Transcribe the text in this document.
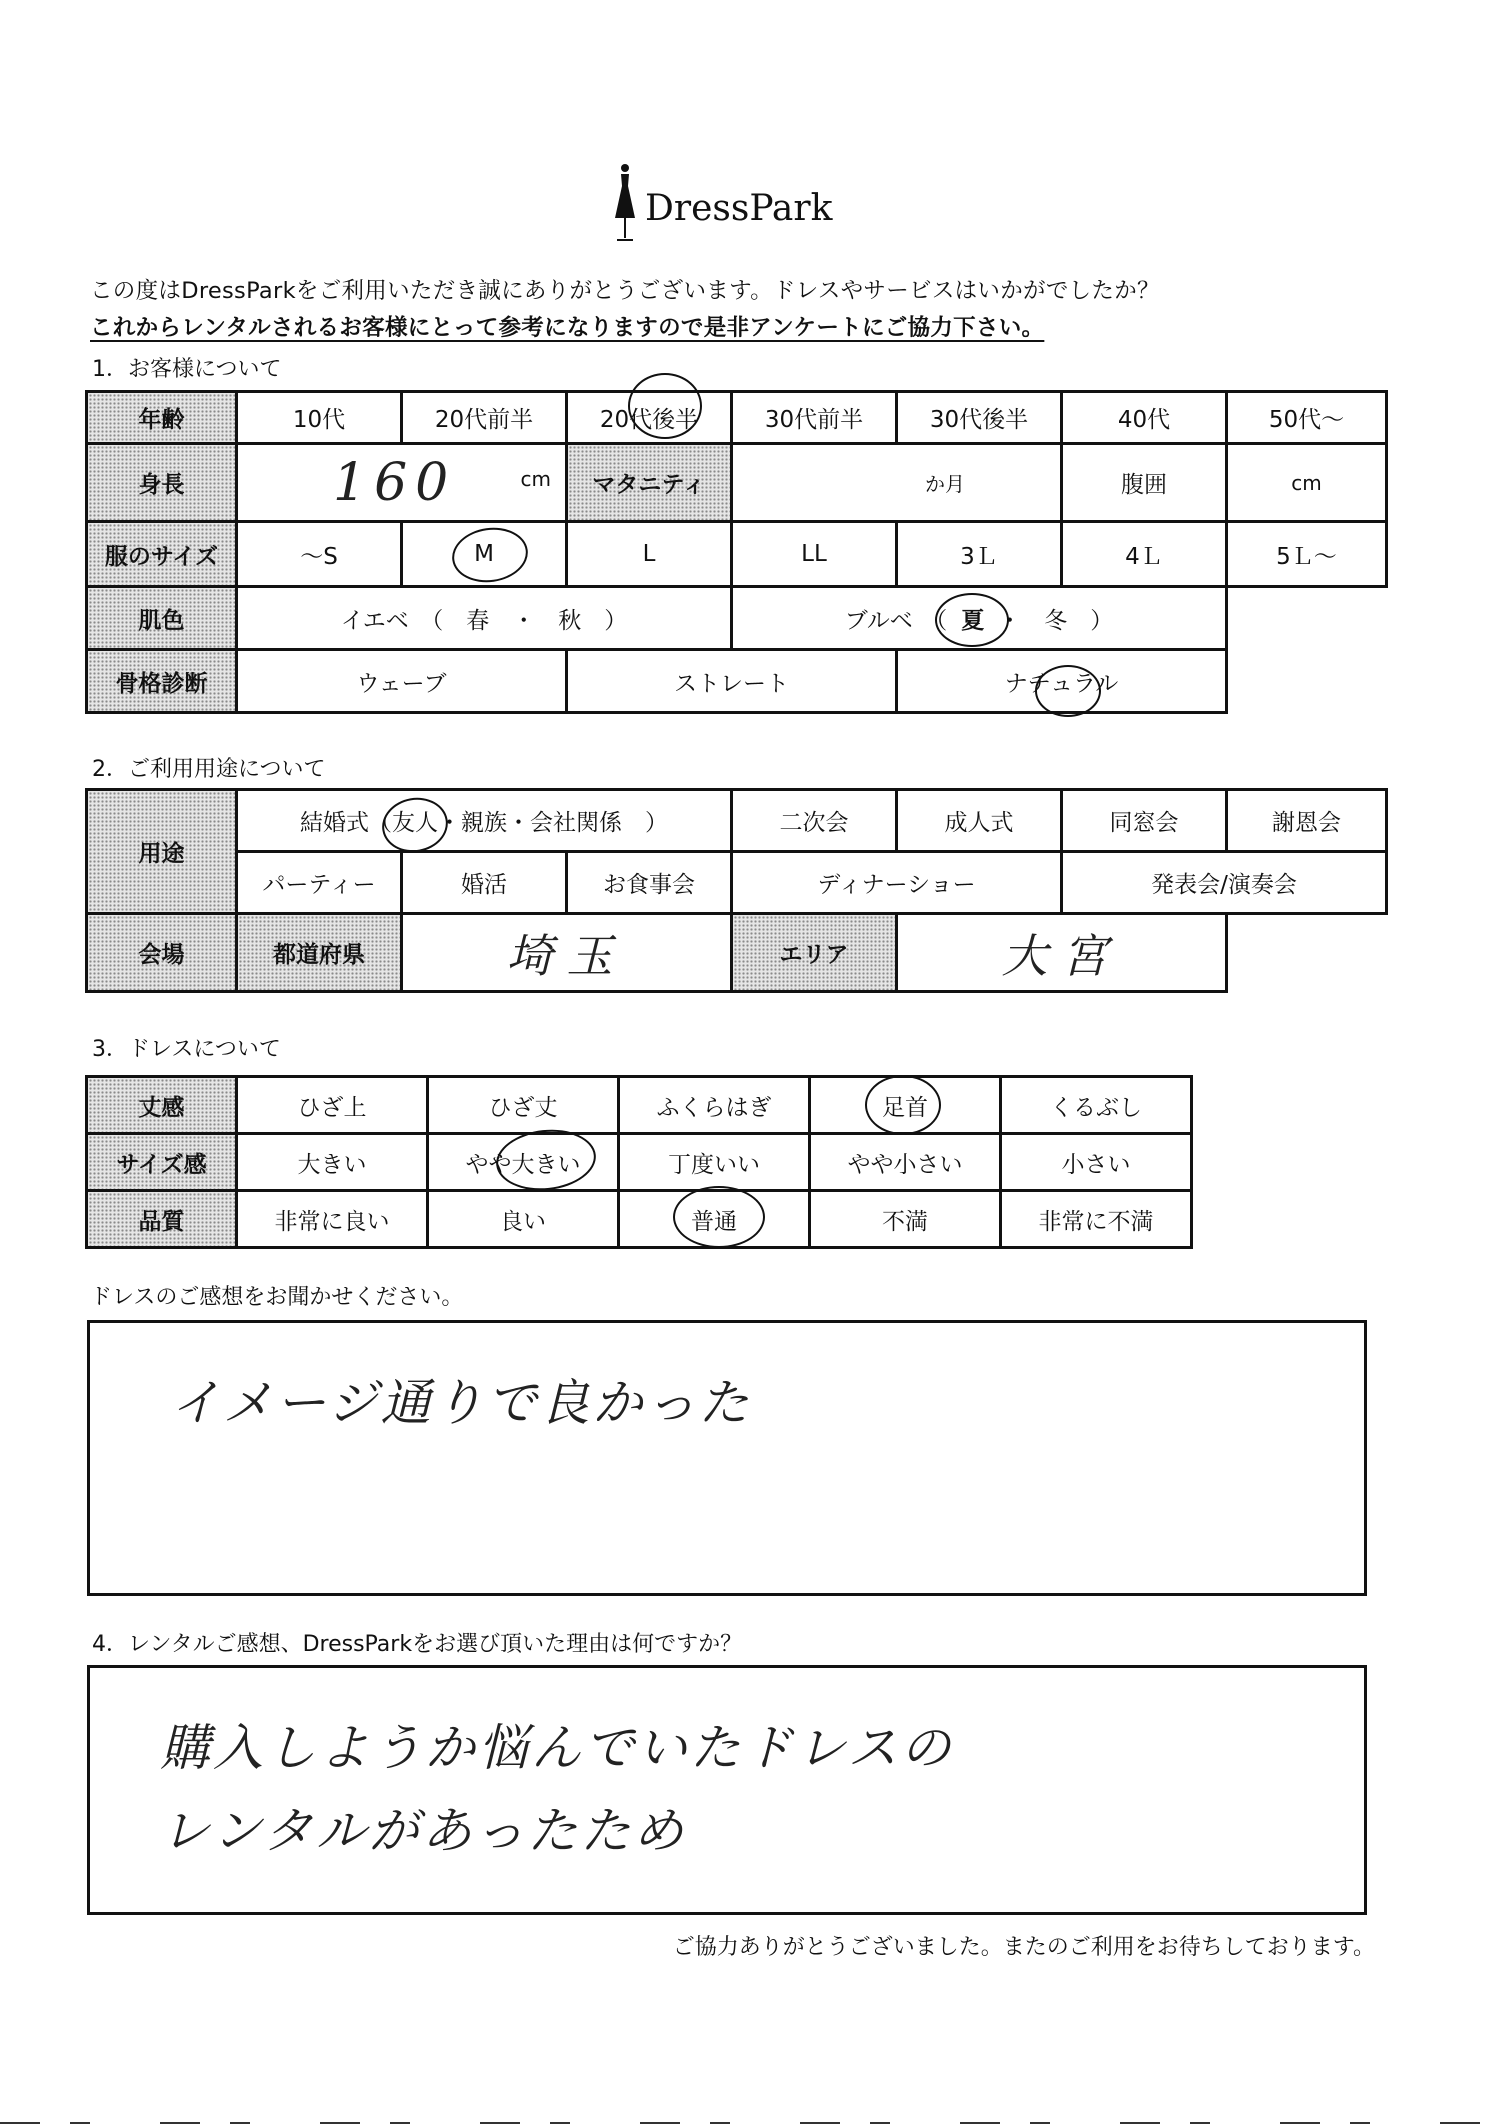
DressPark
この度はDressParkをご利用いただき誠にありがとうございます。ドレスやサービスはいかがでしたか？
これからレンタルされるお客様にとって参考になりますので是非アンケートにご協力下さい。
1．お客様について
年齢	10代	20代前半	20代後半	30代前半	30代後半	40代	50代～
身長	160 cm		マタニティ	か月		腹囲	cm
服のサイズ	～S	M	L	LL	3Ｌ	4Ｌ	5Ｌ～
肌色	イエベ　（　春　・　秋　）			ブルベ　（ 夏 ・　冬　）			
骨格診断	ウェーブ		ストレート		ナチュラル		
2．ご利用用途について
用途	結婚式（友人・親族・会社関係　）			二次会	成人式	同窓会	謝恩会
	パーティー	婚活	お食事会	ディナーショー		発表会/演奏会	
会場	都道府県	埼玉		エリア	大宮		
3．ドレスについて
丈感	ひざ上	ひざ丈	ふくらはぎ	足首	くるぶし
サイズ感	大きい	やや大きい	丁度いい	やや小さい	小さい
品質	非常に良い	良い	普通	不満	非常に不満
ドレスのご感想をお聞かせください。
イメージ通りで良かった
4．レンタルご感想、DressParkをお選び頂いた理由は何ですか？
購入しようか悩んでいたドレスの
レンタルがあったため
ご協力ありがとうございました。またのご利用をお待ちしております。
